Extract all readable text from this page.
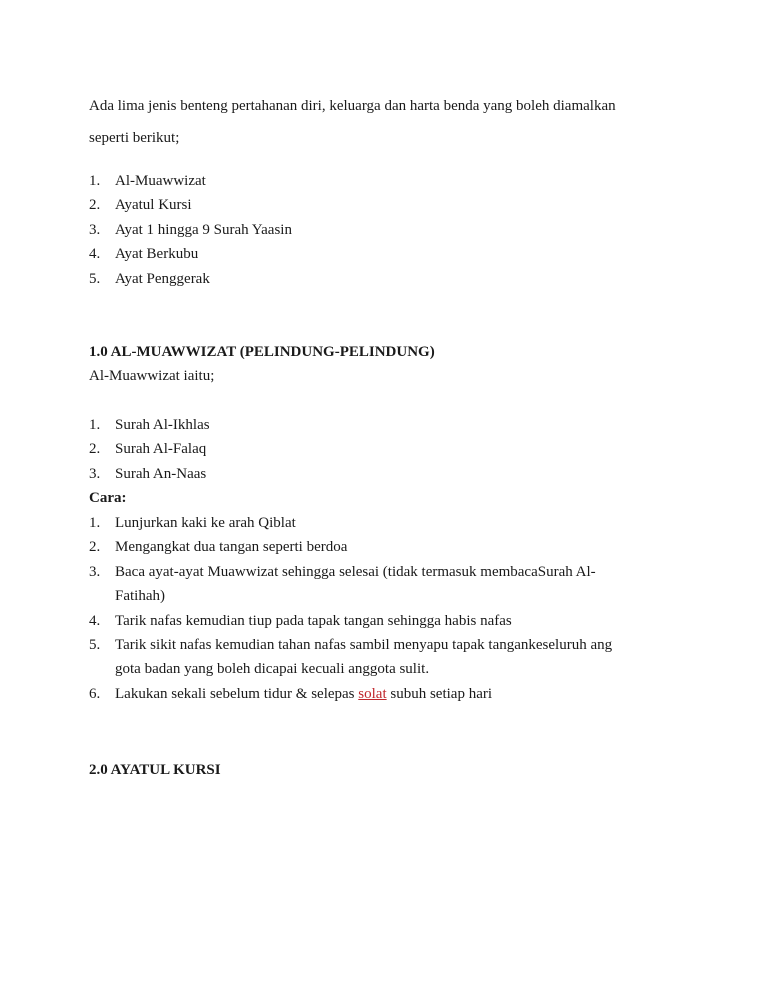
Ada lima jenis benteng pertahanan diri, keluarga dan harta benda yang boleh diamalkan
seperti berikut;

1. Al-Muawwizat
2. Ayatul Kursi
3. Ayat 1 hingga 9 Surah Yaasin
4. Ayat Berkubu
5. Ayat Penggerak
1.0 AL-MUAWWIZAT (PELINDUNG-PELINDUNG)

Al-Muawwizat iaitu;

1. Surah Al-Ikhlas
2. Surah Al-Falaq
3. Surah An-Naas
Cara:
1. Lunjurkan kaki ke arah Qiblat
2. Mengangkat dua tangan seperti berdoa
3. Baca ayat-ayat Muawwizat sehingga selesai (tidak termasuk membacaSurah Al-
Fatihah)
4. Tarik nafas kemudian tiup pada tapak tangan sehingga habis nafas
5. Tarik sikit nafas kemudian tahan nafas sambil menyapu tapak tangankeseluruh ang
gota badan yang boleh dicapai kecuali anggota sulit.
6. Lakukan sekali sebelum tidur & selepas solat subuh setiap hari
2.0 AYATUL KURSI
